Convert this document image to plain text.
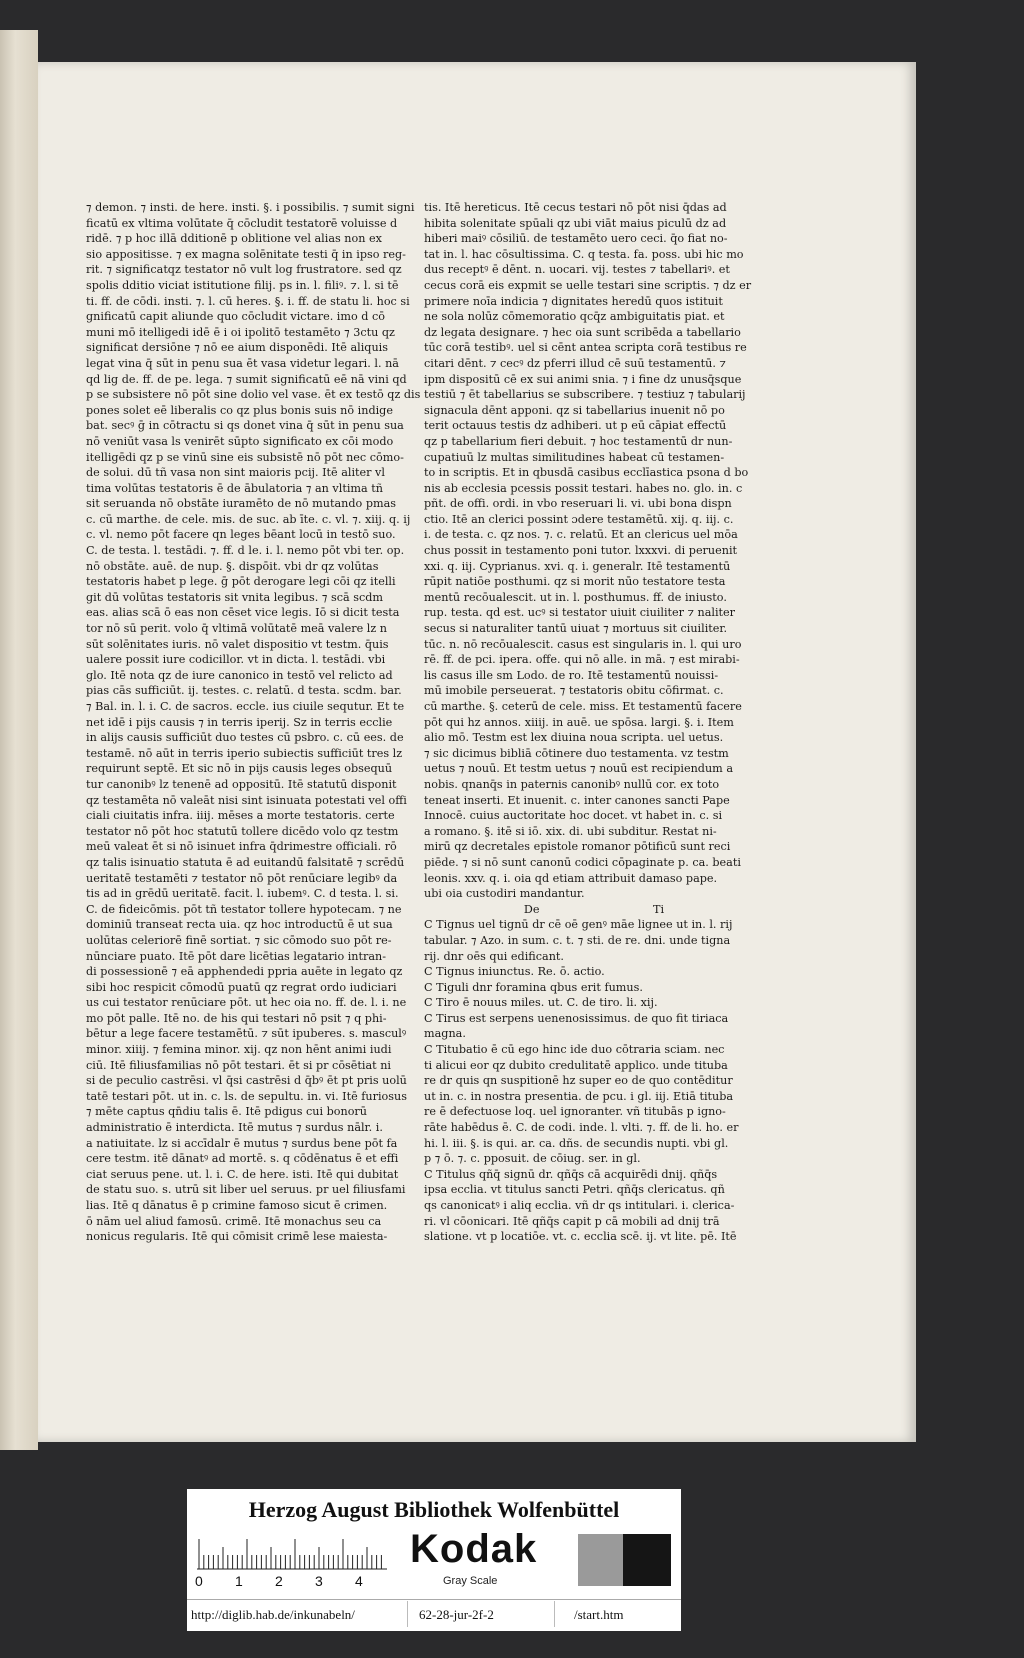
⁊ demon. ⁊ insti. de here. insti. §. i possibilis. ⁊ sumit signi
ficatū ex vltima volūtate q̄ cōcludit testatorē voluisse d
ridē. ⁊ p hoc illā dditionē p oblitione vel alias non ex
sio appositisse. ⁊ ex magna solēnitate testi q̄ in ipso reg-
rit. ⁊ significatqz testator nō vult log frustratore. sed qz
spolis dditio viciat istitutione filij. ps in. l. filiꝰ. ⁊. l. si tē
ti. ff. de cōdi. insti. ⁊. l. cū heres. §. i. ff. de statu li. hoc si
gnificatū capit aliunde quo cōcludit victare. imo d cō
muni mō itelligedi idē ē i oi ipolitō testamēto ⁊ 3ctu qz
significat dersiōne ⁊ nō ee aium disponēdi. Itē aliquis
legat vina q̄ sūt in penu sua ēt vasa videtur legari. l. nā
qd lig de. ff. de pe. lega. ⁊ sumit significatū eē nā vini qd
p se subsistere nō pōt sine dolio vel vase. ēt ex testō qz dis
pones solet eē liberalis co qz plus bonis suis nō indige
bat. secꝰ ḡ in cōtractu si qs donet vina q̄ sūt in penu sua
nō veniūt vasa ls venirēt sūpto significato ex cōi modo
itelligēdi qz p se vinū sine eis subsistē nō pōt nec cōmo-
de solui. dū tñ vasa non sint maioris pcij. Itē aliter vl
tima volūtas testatoris ē de ābulatoria ⁊ an vltima tñ
sit seruanda nō obstāte iuramēto de nō mutando pmas
c. cū marthe. de cele. mis. de suc. ab īte. c. vl. ⁊. xiij. q. ij
c. vl. nemo pōt facere qn leges bēant locū in testō suo.
C. de testa. l. testādi. ⁊. ff. d le. i. l. nemo pōt vbi ter. op.
nō obstāte. auē. de nup. §. dispōit. vbi dr qz volūtas
testatoris habet p lege. ḡ pōt derogare legi cōi qz itelli
git dū volūtas testatoris sit vnita legibus. ⁊ scā scdm
eas. alias scā ō eas non cēset vice legis. Iō si dicit testa
tor nō sū perit. volo q̄ vltimā volūtatē meā valere lz n
sūt solēnitates iuris. nō valet dispositio vt testm. q̄uis
ualere possit iure codicillor. vt in dicta. l. testādi. vbi
glo. Itē nota qz de iure canonico in testō vel relicto ad
pias cās sufficiūt. ij. testes. c. relatū. d testa. scdm. bar.
⁊ Bal. in. l. i. C. de sacros. eccle. ius ciuile sequtur. Et te
net idē i pijs causis ⁊ in terris iperij. Sz in terris ecclie
in alijs causis sufficiūt duo testes cū psbro. c. cū ees. de
testamē. nō aūt in terris iperio subiectis sufficiūt tres lz
requirunt septē. Et sic nō in pijs causis leges obsequū
tur canonibꝰ lz tenenē ad oppositū. Itē statutū disponit
qz testamēta nō valeāt nisi sint isinuata potestati vel offi
ciali ciuitatis infra. iiij. mēses a morte testatoris. certe
testator nō pōt hoc statutū tollere dicēdo volo qz testm
meū valeat ēt si nō isinuet infra q̄drimestre officiali. rō
qz talis isinuatio statuta ē ad euitandū falsitatē ⁊ scrēdū
ueritatē testamēti ⁊ testator nō pōt renūciare legibꝰ da
tis ad in grēdū ueritatē. facit. l. iubemꝰ. C. d testa. l. si.
C. de fideicōmis. pōt tñ testator tollere hypotecam. ⁊ ne
dominiū transeat recta uia. qz hoc introductū ē ut sua
uolūtas celeriorē finē sortiat. ⁊ sic cōmodo suo pōt re-
nūnciare puato. Itē pōt dare licētias legatario intran-
di possessionē ⁊ eā apphendedi ppria auēte in legato qz
sibi hoc respicit cōmodū puatū qz regrat ordo iudiciari
us cui testator renūciare pōt. ut hec oia no. ff. de. l. i. ne
mo pōt palle. Itē no. de his qui testari nō psit ⁊ q phi-
bētur a lege facere testamētū. ⁊ sūt ipuberes. s. masculꝰ
minor. xiiij. ⁊ femina minor. xij. qz non hēnt animi iudi
ciū. Itē filiusfamilias nō pōt testari. ēt si pr cōsētiat ni
si de peculio castrēsi. vl q̄si castrēsi d q̄bꝰ ēt pt pris uolū
tatē testari pōt. ut in. c. ls. de sepultu. in. vi. Itē furiosus
⁊ mēte captus qn̄diu talis ē. Itē pdigus cui bonorū
administratio ē interdicta. Itē mutus ⁊ surdus nālr. i.
a natiuitate. lz si accīdalr ē mutus ⁊ surdus bene pōt fa
cere testm. itē dānatꝰ ad mortē. s. q cōdēnatus ē et effi
ciat seruus pene. ut. l. i. C. de here. isti. Itē qui dubitat
de statu suo. s. utrū sit liber uel seruus. pr uel filiusfami
lias. Itē q dānatus ē p crimine famoso sicut ē crimen.
ō nām uel aliud famosū. crimē. Itē monachus seu ca
nonicus regularis. Itē qui cōmisit crimē lese maiesta-
tis. Itē hereticus. Itē cecus testari nō pōt nisi q̄das ad
hibita solenitate spūali qz ubi viāt maius piculū dz ad
hiberi maiꝰ cōsiliū. de testamēto uero ceci. q̄o fiat no-
tat in. l. hac cōsultissima. C. q testa. fa. poss. ubi hic mo
dus receptꝰ ē dēnt. n. uocari. vij. testes ⁊ tabellariꝰ. et
cecus corā eis expmit se uelle testari sine scriptis. ⁊ dz er
primere noīa indicia ⁊ dignitates heredū quos istituit
ne sola nolūz cōmemoratio qcq̄z ambiguitatis piat. et
dz legata designare. ⁊ hec oia sunt scribēda a tabellario
tūc corā testibꝰ. uel si cēnt antea scripta corā testibus re
citari dēnt. ⁊ cecꝰ dz pferri illud cē suū testamentū. ⁊
ipm dispositū cē ex sui animi snia. ⁊ i fine dz unusq̄sque
testiū ⁊ ēt tabellarius se subscribere. ⁊ testiuz ⁊ tabularij
signacula dēnt apponi. qz si tabellarius inuenit nō po
terit octauus testis dz adhiberi. ut p eū cāpiat effectū
qz p tabellarium fieri debuit. ⁊ hoc testamentū dr nun-
cupatiuū lz multas similitudines habeat cū testamen-
to in scriptis. Et in qbusdā casibus ecclīastica psona d bo
nis ab ecclesia pcessis possit testari. habes no. glo. in. c
pñt. de offi. ordi. in vbo reseruari li. vi. ubi bona dispn
ctio. Itē an clerici possint ɔdere testamētū. xij. q. iij. c.
i. de testa. c. qz nos. ⁊. c. relatū. Et an clericus uel mōa
chus possit in testamento poni tutor. lxxxvi. di peruenit
xxi. q. iij. Cyprianus. xvi. q. i. generalr. Itē testamentū
rūpit natiōe posthumi. qz si morit nūo testatore testa
mentū recōualescit. ut in. l. posthumus. ff. de iniusto.
rup. testa. qd est. ucꝰ si testator uiuit ciuiliter ⁊ naliter
secus si naturaliter tantū uiuat ⁊ mortuus sit ciuiliter.
tūc. n. nō recōualescit. casus est singularis in. l. qui uro
rē. ff. de pci. ipera. offe. qui nō alle. in mā. ⁊ est mirabi-
lis casus ille sm Lodo. de ro. Itē testamentū nouissi-
mū imobile perseuerat. ⁊ testatoris obitu cōfirmat. c.
cū marthe. §. ceterū de cele. miss. Et testamentū facere
pōt qui hz annos. xiiij. in auē. ue spōsa. largi. §. i. Item
alio mō. Testm est lex diuina noua scripta. uel uetus.
⁊ sic dicimus bibliā cōtinere duo testamenta. vz testm
uetus ⁊ nouū. Et testm uetus ⁊ nouū est recipiendum a
nobis. qnanq̄s in paternis canonibꝰ nullū cor. ex toto
teneat inserti. Et inuenit. c. inter canones sancti Pape
Innocē. cuius auctoritate hoc docet. vt habet in. c. si
a romano. §. itē si iō. xix. di. ubi subditur. Restat ni-
mirū qz decretales epistole romanor pōtificū sunt reci
piēde. ⁊ si nō sunt canonū codici cōpaginate p. ca. beati
leonis. xxv. q. i. oia qd etiam attribuit damaso pape.
ubi oia custodiri mandantur.
De Ti
C Tignus uel tignū dr cē oē genꝰ māe lignee ut in. l. rij
tabular. ⁊ Azo. in sum. c. t. ⁊ sti. de re. dni. unde tigna
rij. dnr oēs qui edificant.
C Tignus iniunctus. Re. ō. actio.
C Tiguli dnr foramina qbus erit fumus.
C Tiro ē nouus miles. ut. C. de tiro. li. xij.
C Tirus est serpens uenenosissimus. de quo fit tiriaca
magna.
C Titubatio ē cū ego hinc ide duo cōtraria sciam. nec
ti alicui eor qz dubito credulitatē applico. unde tituba
re dr quis qn suspitionē hz super eo de quo contēditur
ut in. c. in nostra presentia. de pcu. i gl. iij. Etiā tituba
re ē defectuose loq. uel ignoranter. vñ titubās p igno-
rāte habēdus ē. C. de codi. inde. l. vlti. ⁊. ff. de li. ho. er
hi. l. iii. §. is qui. ar. ca. dñs. de secundis nupti. vbi gl.
p ⁊ ō. ⁊. c. pposuit. de cōiug. ser. in gl.
C Titulus qñq̄ signū dr. qñq̄s cā acquirēdi dnij. qñq̄s
ipsa ecclia. vt titulus sancti Petri. qñq̄s clericatus. qñ
qs canonicatꝰ i aliq ecclia. vñ dr qs intitulari. i. clerica-
ri. vl cōonicari. Itē qñq̄s capit p cā mobili ad dnij trā
slatione. vt p locatiōe. vt. c. ecclia scē. ij. vt lite. pē. Itē
Herzog August Bibliothek Wolfenbüttel
0 1 2 3 4
Kodak
Gray Scale
http://diglib.hab.de/inkunabeln/	62-28-jur-2f-2	/start.htm
